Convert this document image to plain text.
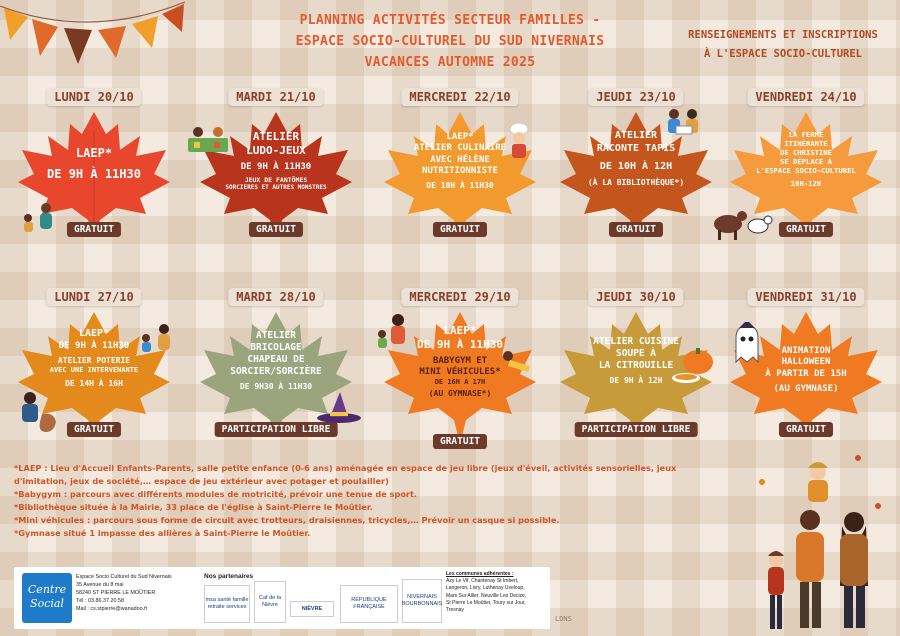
PLANNING ACTIVITÉS SECTEUR FAMILLES -
ESPACE SOCIO-CULTUREL DU SUD NIVERNAIS
VACANCES AUTOMNE 2025
RENSEIGNEMENTS ET INSCRIPTIONS
À L'ESPACE SOCIO-CULTUREL
LUNDI 20/10
LAEP*
DE 9H À 11H30
GRATUIT
MARDI 21/10
ATELIER
LUDO-JEUX
DE 9H À 11H30
JEUX DE FANTÔMES
SORCIERES ET AUTRES MONSTRES
GRATUIT
MERCREDI 22/10
LAEP*
ATELIER CULINAIRE
AVEC HÉLÈNE
NUTRITIONNISTE
DE 10H À 11H30
GRATUIT
JEUDI 23/10
ATELIER
RACONTE TAPIS
DE 10H À 12H
(À LA BIBLIOTHÈQUE*)
GRATUIT
VENDREDI 24/10
LA FERME
ITINÉRANTE
DE CHRISTINE
SE DÉPLACE À
L'ESPACE SOCIO-CULTUREL
10H-12H
GRATUIT
LUNDI 27/10
LAEP*
DE 9H À 11H30
ATELIER POTERIE
AVEC UNE INTERVENANTE
DE 14H À 16H
GRATUIT
MARDI 28/10
ATELIER
BRICOLAGE
CHAPEAU DE
SORCIER/SORCIÈRE
DE 9H30 À 11H30
PARTICIPATION LIBRE
MERCREDI 29/10
LAEP*
DE 9H À 11H30
BABYGYM ET
MINI VÉHICULES*
DE 16H À 17H
(AU GYMNASE*)
GRATUIT
JEUDI 30/10
ATELIER CUISINE
SOUPE À
LA CITROUILLE
DE 9H À 12H
PARTICIPATION LIBRE
VENDREDI 31/10
ANIMATION
HALLOWEEN
À PARTIR DE 15H
(AU GYMNASE)
GRATUIT
*LAEP : Lieu d'Accueil Enfants-Parents, salle petite enfance (0-6 ans) aménagée en espace de jeu libre (jeux d'éveil, activités sensorielles, jeux
d'imitation, jeux de société,… espace de jeu extérieur avec potager et poulailler)
*Babygym : parcours avec différents modules de motricité, prévoir une tenue de sport.
*Bibliothèque située à la Mairie, 33 place de l'église à Saint-Pierre le Moûtier.
*Mini véhicules : parcours sous forme de circuit avec trotteurs, draisiennes, tricycles,… Prévoir un casque si possible.
*Gymnase situé 1 impasse des allières à Saint-Pierre le Moûtier.
Centre Social
Espace Socio Culturel du Sud Nivernais
35 Avenue du 8 mai
58240 ST PIERRE LE MOÛTIER
Tél : 03.86.37.20.58
Mail : cs.stpierre@wanadoo.fr
Nos partenaires
msa santé famille retraite services
Caf de la Nièvre
NIÈVRE
RÉPUBLIQUE FRANÇAISE
NIVERNAIS BOURBONNAIS
Les communes adhérentes :
Azy Le Vif, Chantenay St Imbert,
Langeron, Livry, Luthenay Uxeloup,
Mars Sur Allier, Neuville Les Decize,
St Pierre Le Moûtier, Toury sur Jour,
Tresnay
LDNS
